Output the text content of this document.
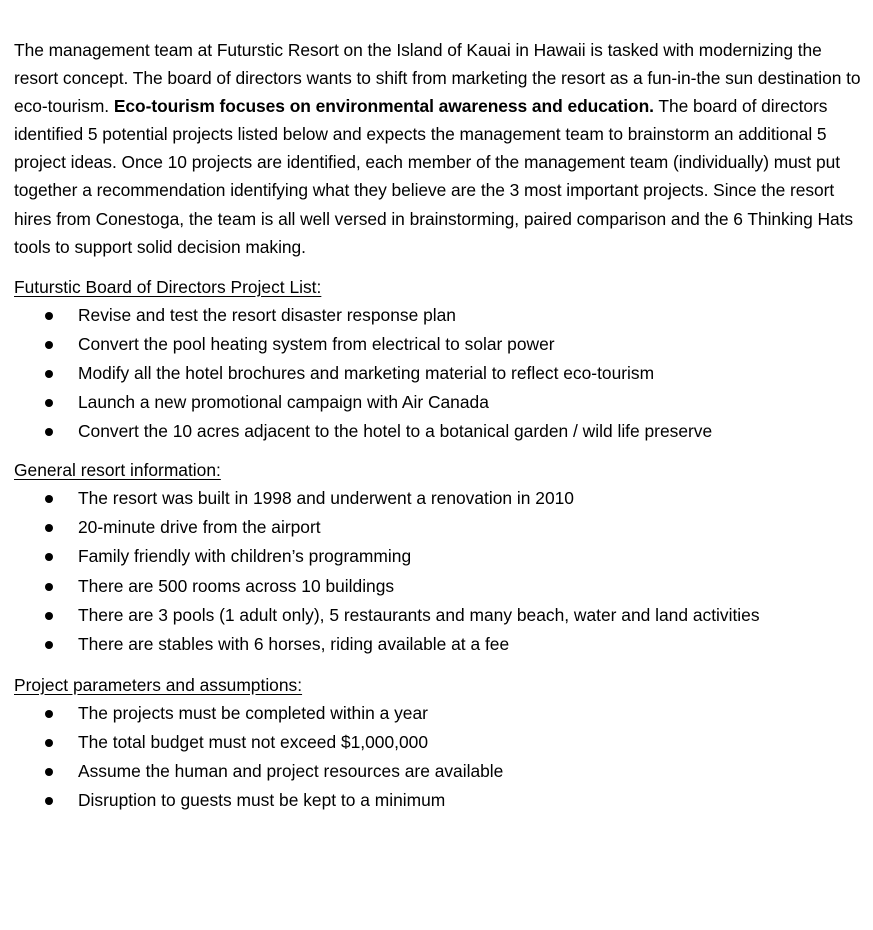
The management team at Futurstic Resort on the Island of Kauai in Hawaii is tasked with modernizing the resort concept. The board of directors wants to shift from marketing the resort as a fun-in-the sun destination to eco-tourism. Eco-tourism focuses on environmental awareness and education. The board of directors identified 5 potential projects listed below and expects the management team to brainstorm an additional 5 project ideas. Once 10 projects are identified, each member of the management team (individually) must put together a recommendation identifying what they believe are the 3 most important projects. Since the resort hires from Conestoga, the team is all well versed in brainstorming, paired comparison and the 6 Thinking Hats tools to support solid decision making.

Futurstic Board of Directors Project List:

Revise and test the resort disaster response plan
Convert the pool heating system from electrical to solar power
Modify all the hotel brochures and marketing material to reflect eco-tourism
Launch a new promotional campaign with Air Canada
Convert the 10 acres adjacent to the hotel to a botanical garden / wild life preserve

General resort information:

The resort was built in 1998 and underwent a renovation in 2010
20-minute drive from the airport
Family friendly with children’s programming
There are 500 rooms across 10 buildings
There are 3 pools (1 adult only), 5 restaurants and many beach, water and land activities
There are stables with 6 horses, riding available at a fee

Project parameters and assumptions:

The projects must be completed within a year
The total budget must not exceed $1,000,000
Assume the human and project resources are available
Disruption to guests must be kept to a minimum
